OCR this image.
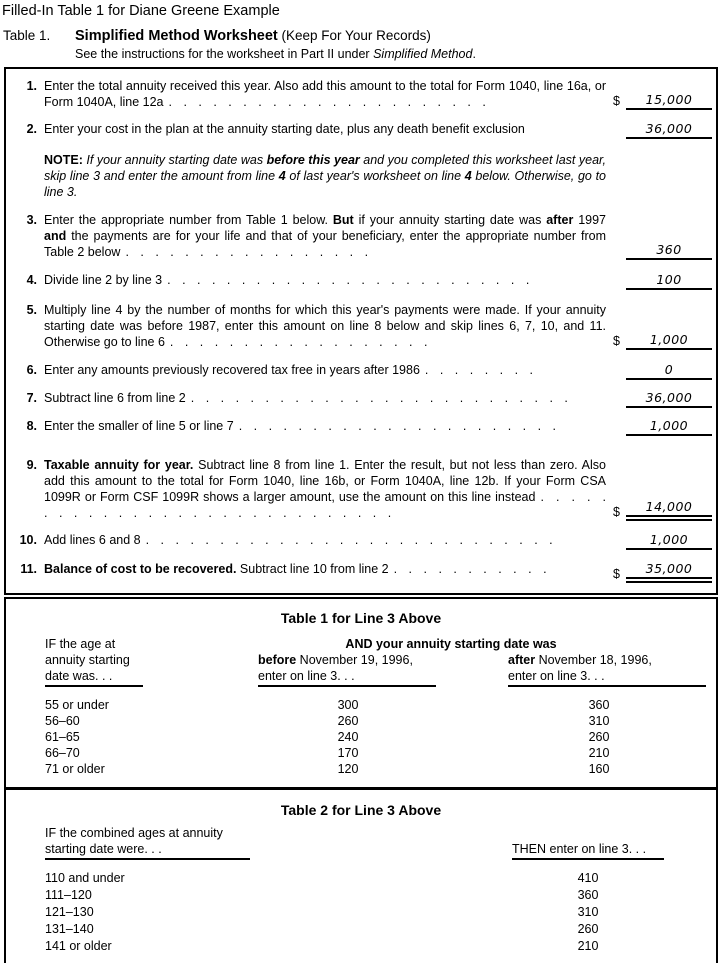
Filled-In Table 1 for Diane Greene Example
Table 1.	Simplified Method Worksheet (Keep For Your Records)
See the instructions for the worksheet in Part II under Simplified Method.
1. Enter the total annuity received this year. Also add this amount to the total for Form 1040, line 16a, or Form 1040A, line 12a . . . . . . . . . . . . . . . . . . . . . .	$	15,000
2. Enter your cost in the plan at the annuity starting date, plus any death benefit exclusion	36,000
NOTE: If your annuity starting date was before this year and you completed this worksheet last year, skip line 3 and enter the amount from line 4 of last year's worksheet on line 4 below. Otherwise, go to line 3.
3. Enter the appropriate number from Table 1 below. But if your annuity starting date was after 1997 and the payments are for your life and that of your beneficiary, enter the appropriate number from Table 2 below . . . . . . . . . . . . . . . . .	360
4. Divide line 2 by line 3 . . . . . . . . . . . . . . . . . . . . . . . . .	100
5. Multiply line 4 by the number of months for which this year's payments were made. If your annuity starting date was before 1987, enter this amount on line 8 below and skip lines 6, 7, 10, and 11. Otherwise go to line 6 . . . . . . . . . . . . . . . . . .	$	1,000
6. Enter any amounts previously recovered tax free in years after 1986 . . . . . . . .	0
7. Subtract line 6 from line 2 . . . . . . . . . . . . . . . . . . . . . . . . . .	36,000
8. Enter the smaller of line 5 or line 7 . . . . . . . . . . . . . . . . . . . . . .	1,000
9. Taxable annuity for year. Subtract line 8 from line 1. Enter the result, but not less than zero. Also add this amount to the total for Form 1040, line 16b, or Form 1040A, line 12b. If your Form CSA 1099R or Form CSF 1099R shows a larger amount, use the amount on this line instead . . . . . . . . . . . . . . . . . . . . . . . . . . . . .	$	14,000
10. Add lines 6 and 8 . . . . . . . . . . . . . . . . . . . . . . . . . . . .	1,000
11. Balance of cost to be recovered. Subtract line 10 from line 2 . . . . . . . . . . .	$	35,000
Table 1 for Line 3 Above
IF the age at
annuity starting
date was. . .
AND your annuity starting date was
before November 19, 1996,
enter on line 3. . .
after November 18, 1996,
enter on line 3. . .
55 or under	300	360
56–60	260	310
61–65	240	260
66–70	170	210
71 or older	120	160
Table 2 for Line 3 Above
IF the combined ages at annuity
starting date were. . .	THEN enter on line 3. . .
110 and under	410
111–120	360
121–130	310
131–140	260
141 or older	210
